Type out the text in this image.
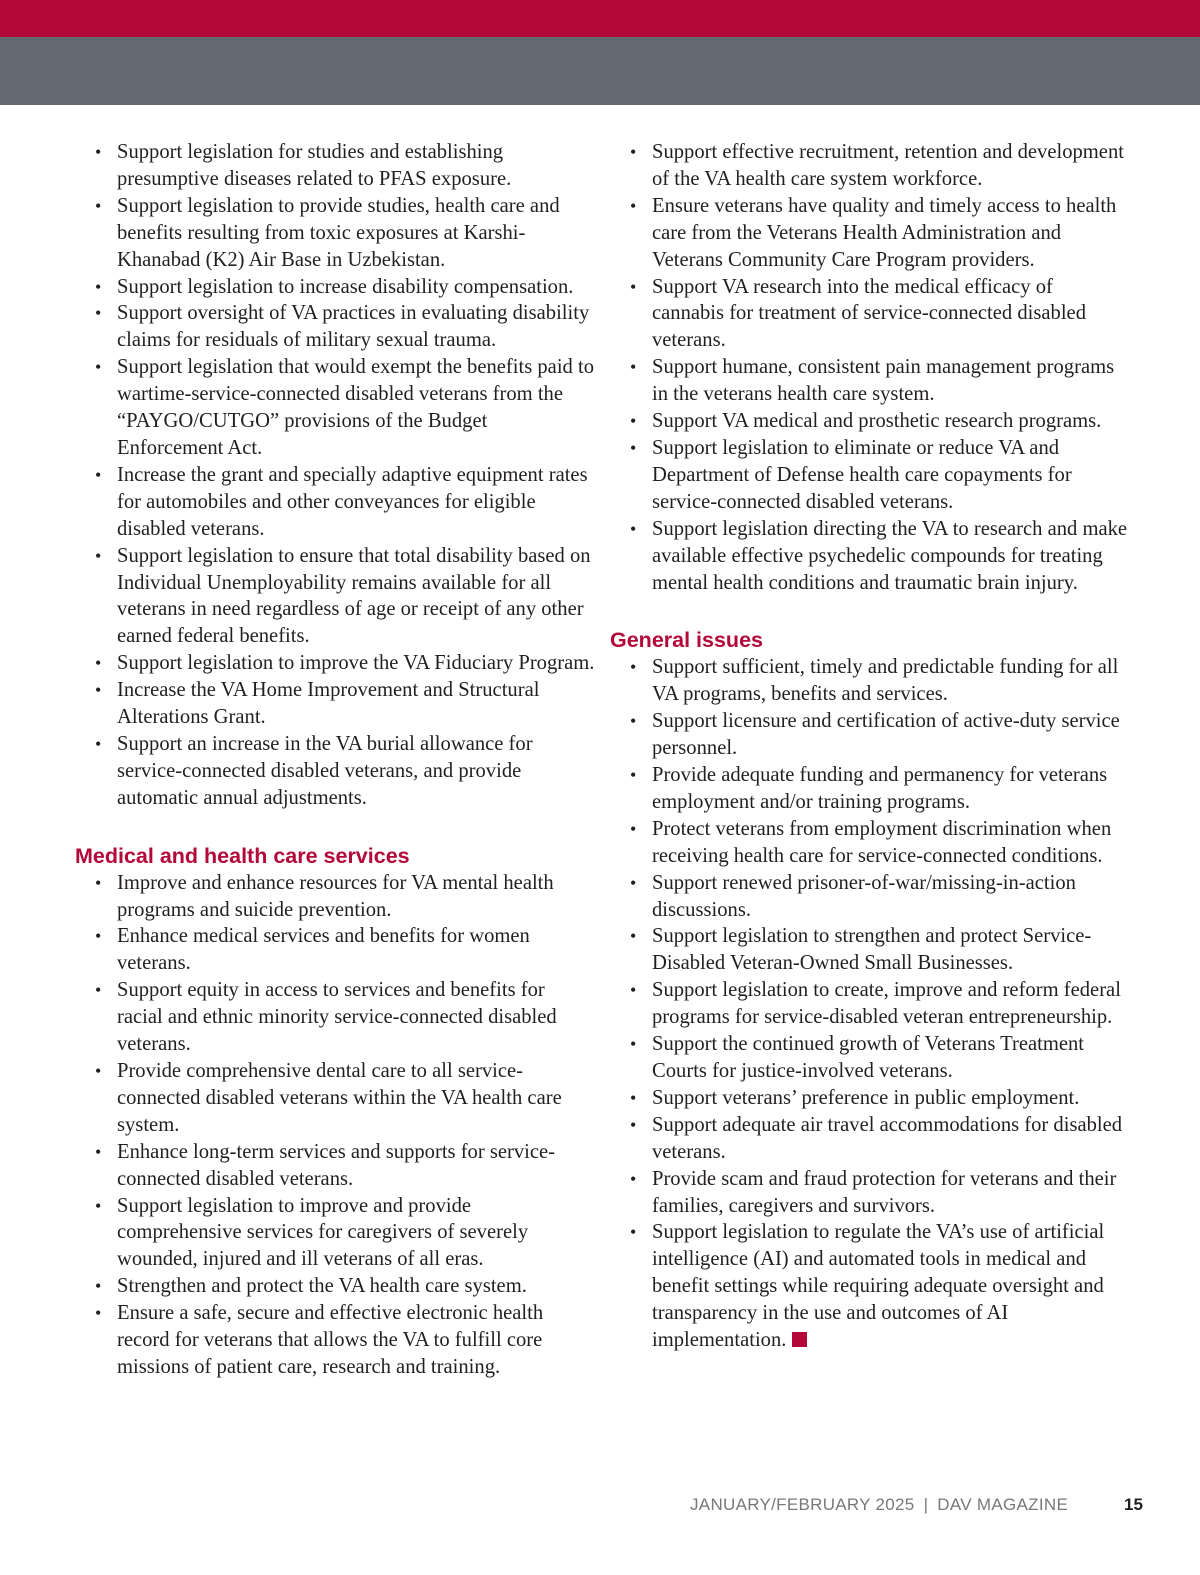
• Support legislation for studies and establishing presumptive diseases related to PFAS exposure.
• Support legislation to provide studies, health care and benefits resulting from toxic exposures at Karshi-Khanabad (K2) Air Base in Uzbekistan.
• Support legislation to increase disability compensation.
• Support oversight of VA practices in evaluating disability claims for residuals of military sexual trauma.
• Support legislation that would exempt the benefits paid to wartime-service-connected disabled veterans from the “PAYGO/CUTGO” provisions of the Budget Enforcement Act.
• Increase the grant and specially adaptive equipment rates for automobiles and other conveyances for eligible disabled veterans.
• Support legislation to ensure that total disability based on Individual Unemployability remains available for all veterans in need regardless of age or receipt of any other earned federal benefits.
• Support legislation to improve the VA Fiduciary Program.
• Increase the VA Home Improvement and Structural Alterations Grant.
• Support an increase in the VA burial allowance for service-connected disabled veterans, and provide automatic annual adjustments.
Medical and health care services
• Improve and enhance resources for VA mental health programs and suicide prevention.
• Enhance medical services and benefits for women veterans.
• Support equity in access to services and benefits for racial and ethnic minority service-connected disabled veterans.
• Provide comprehensive dental care to all service-connected disabled veterans within the VA health care system.
• Enhance long-term services and supports for service-connected disabled veterans.
• Support legislation to improve and provide comprehensive services for caregivers of severely wounded, injured and ill veterans of all eras.
• Strengthen and protect the VA health care system.
• Ensure a safe, secure and effective electronic health record for veterans that allows the VA to fulfill core missions of patient care, research and training.
• Support effective recruitment, retention and development of the VA health care system workforce.
• Ensure veterans have quality and timely access to health care from the Veterans Health Administration and Veterans Community Care Program providers.
• Support VA research into the medical efficacy of cannabis for treatment of service-connected disabled veterans.
• Support humane, consistent pain management programs in the veterans health care system.
• Support VA medical and prosthetic research programs.
• Support legislation to eliminate or reduce VA and Department of Defense health care copayments for service-connected disabled veterans.
• Support legislation directing the VA to research and make available effective psychedelic compounds for treating mental health conditions and traumatic brain injury.
General issues
• Support sufficient, timely and predictable funding for all VA programs, benefits and services.
• Support licensure and certification of active-duty service personnel.
• Provide adequate funding and permanency for veterans employment and/or training programs.
• Protect veterans from employment discrimination when receiving health care for service-connected conditions.
• Support renewed prisoner-of-war/missing-in-action discussions.
• Support legislation to strengthen and protect Service-Disabled Veteran-Owned Small Businesses.
• Support legislation to create, improve and reform federal programs for service-disabled veteran entrepreneurship.
• Support the continued growth of Veterans Treatment Courts for justice-involved veterans.
• Support veterans’ preference in public employment.
• Support adequate air travel accommodations for disabled veterans.
• Provide scam and fraud protection for veterans and their families, caregivers and survivors.
• Support legislation to regulate the VA’s use of artificial intelligence (AI) and automated tools in medical and benefit settings while requiring adequate oversight and transparency in the use and outcomes of AI implementation.
JANUARY/FEBRUARY 2025 | DAV MAGAZINE	15
